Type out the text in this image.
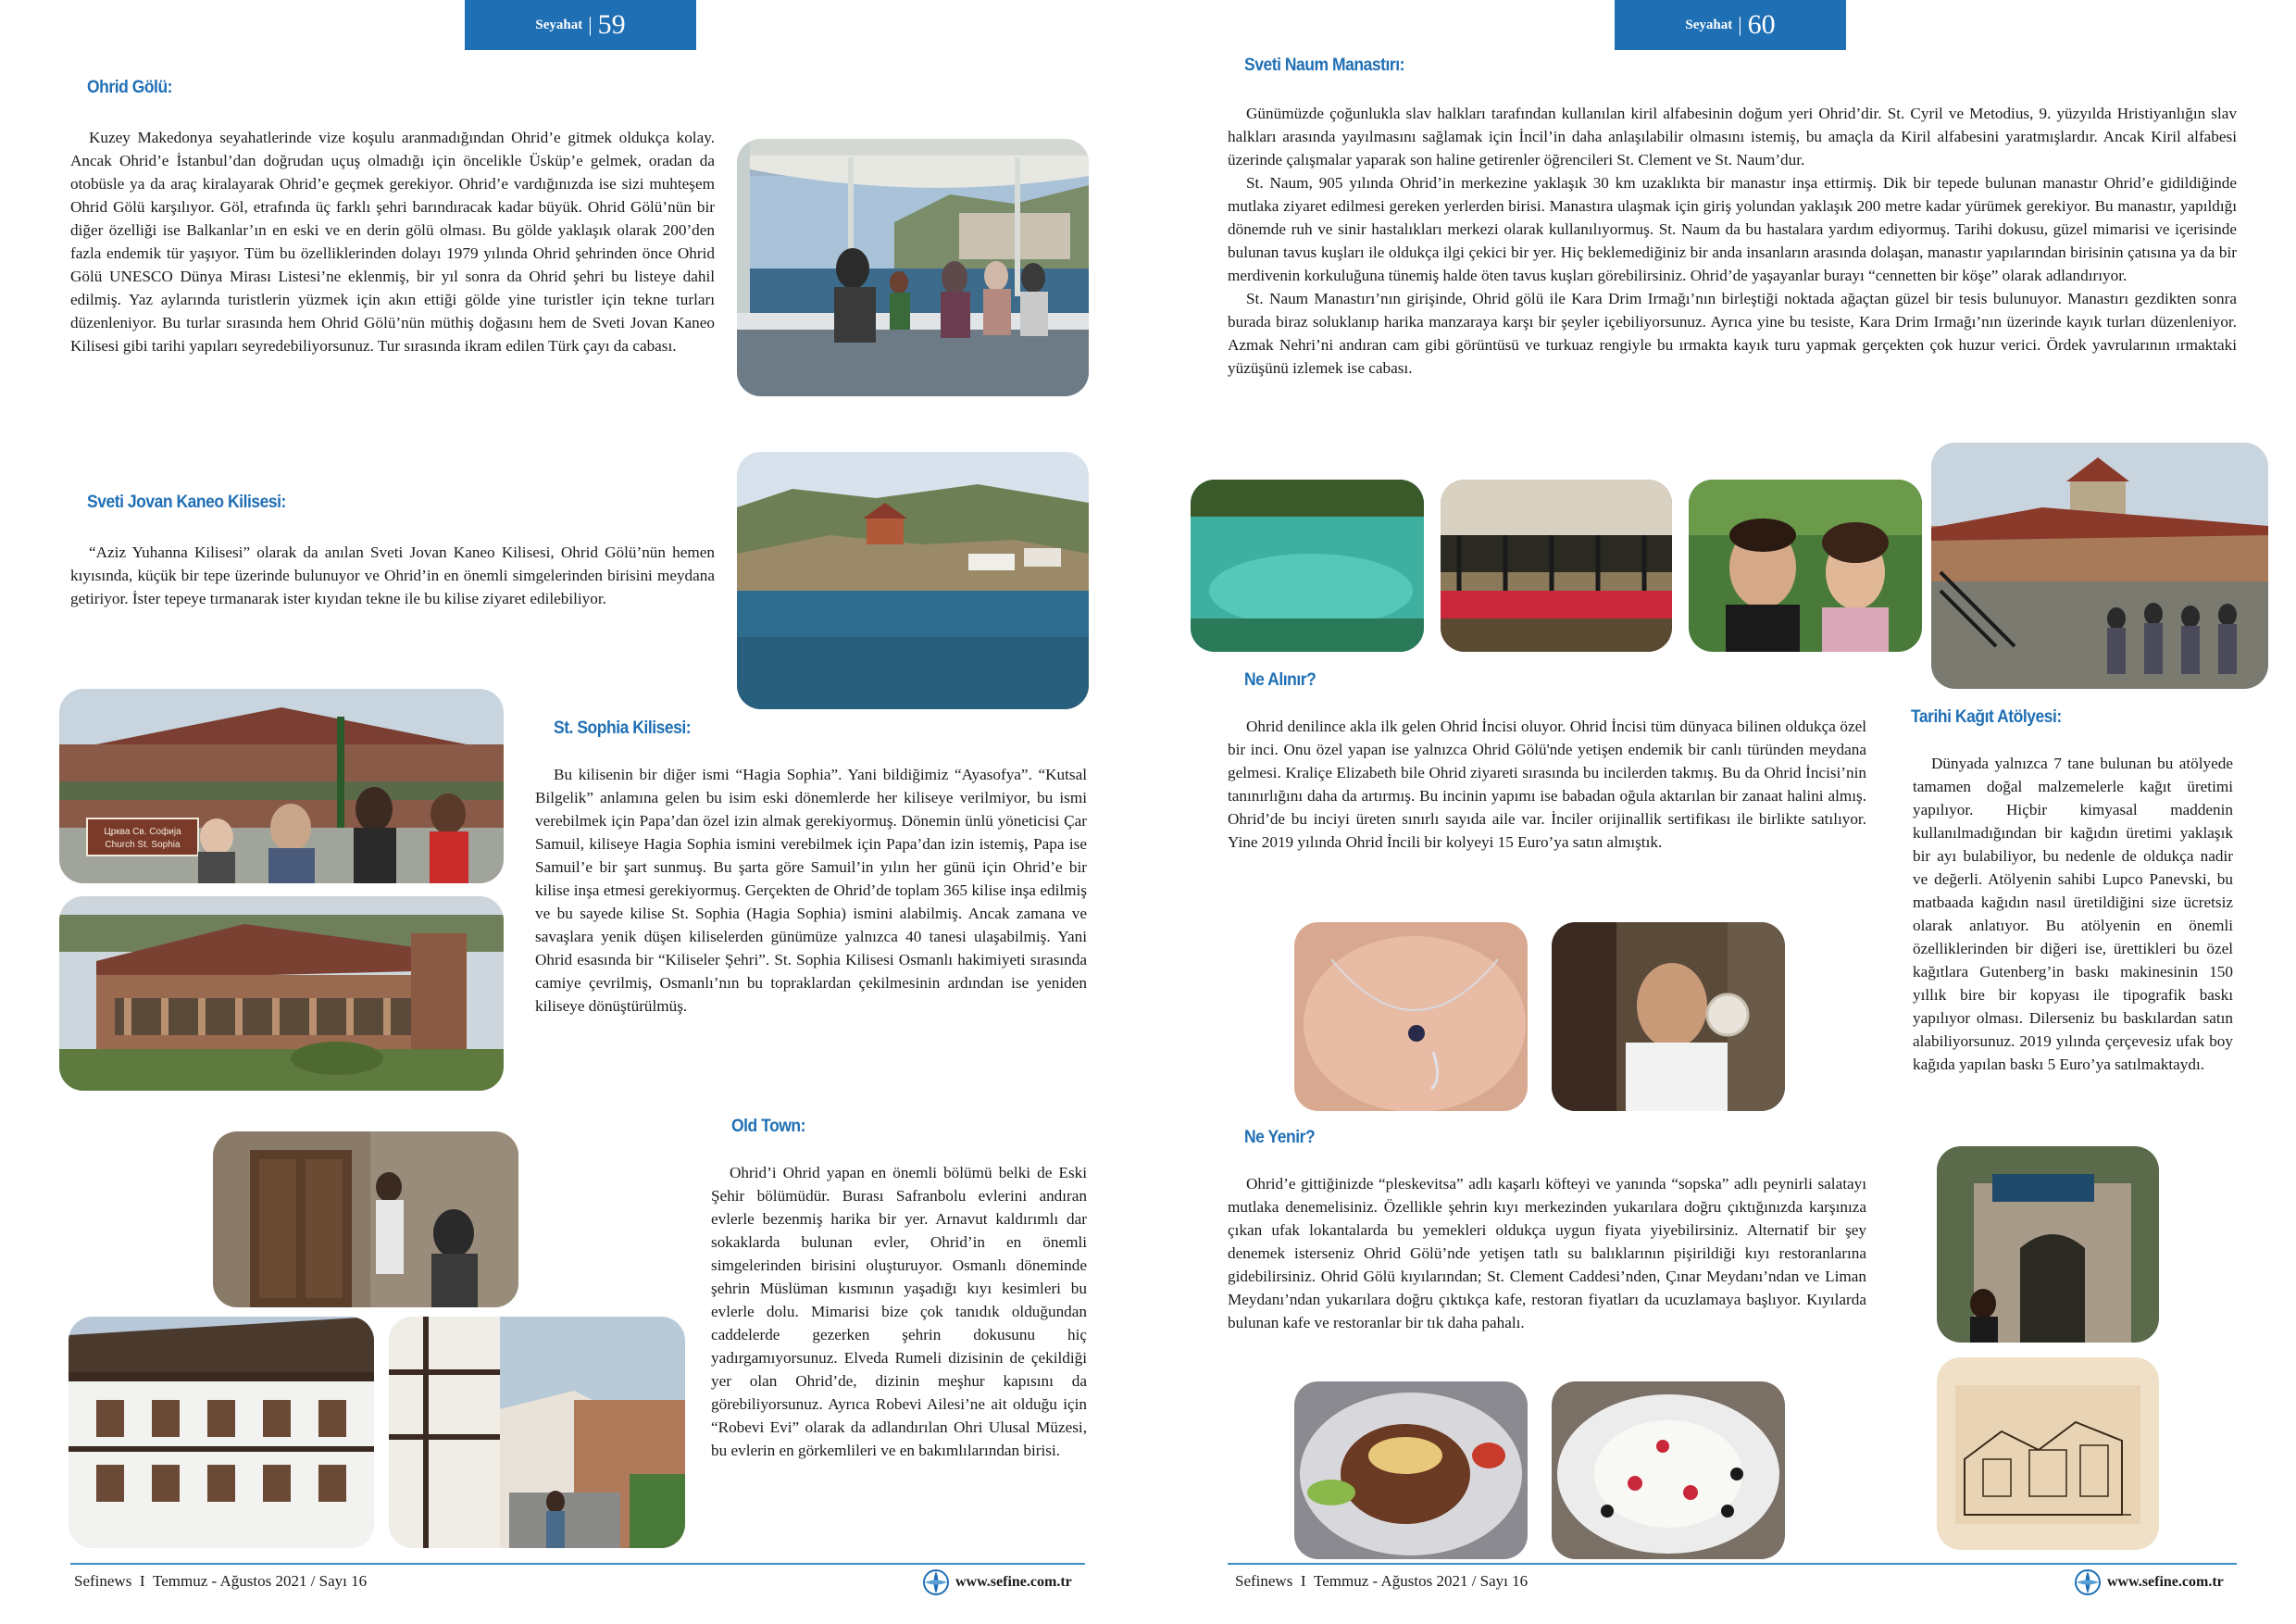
Seyahat | 59
Ohrid Gölü:

Kuzey Makedonya seyahatlerinde vize koşulu aranmadığından Ohrid’e gitmek oldukça kolay. Ancak Ohrid’e İstanbul’dan doğrudan uçuş olmadığı için öncelikle Üsküp’e gelmek, oradan da otobüsle ya da araç kiralayarak Ohrid’e geçmek gerekiyor. Ohrid’e vardığınızda ise sizi muhteşem Ohrid Gölü karşılıyor. Göl, etrafında üç farklı şehri barındıracak kadar büyük. Ohrid Gölü’nün bir diğer özelliği ise Balkanlar’ın en eski ve en derin gölü olması. Bu gölde yaklaşık olarak 200’den fazla endemik tür yaşıyor. Tüm bu özelliklerinden dolayı 1979 yılında Ohrid şehrinden önce Ohrid Gölü UNESCO Dünya Mirası Listesi’ne eklenmiş, bir yıl sonra da Ohrid şehri bu listeye dahil edilmiş. Yaz aylarında turistlerin yüzmek için akın ettiği gölde yine turistler için tekne turları düzenleniyor. Bu turlar sırasında hem Ohrid Gölü’nün müthiş doğasını hem de Sveti Jovan Kaneo Kilisesi gibi tarihi yapıları seyredebiliyorsunuz. Tur sırasında ikram edilen Türk çayı da cabası.

Sveti Jovan Kaneo Kilisesi:

“Aziz Yuhanna Kilisesi” olarak da anılan Sveti Jovan Kaneo Kilisesi, Ohrid Gölü’nün hemen kıyısında, küçük bir tepe üzerinde bulunuyor ve Ohrid’in en önemli simgelerinden birisini meydana getiriyor. İster tepeye tırmanarak ister kıyıdan tekne ile bu kilise ziyaret edilebiliyor.

Црква Св. Софија
Church St. Sophia
St. Sophia Kilisesi:

Bu kilisenin bir diğer ismi “Hagia Sophia”. Yani bildiğimiz “Ayasofya”. “Kutsal Bilgelik” anlamına gelen bu isim eski dönemlerde her kiliseye verilmiyor, bu ismi verebilmek için Papa’dan özel izin almak gerekiyormuş. Dönemin ünlü yöneticisi Çar Samuil, kiliseye Hagia Sophia ismini verebilmek için Papa’dan izin istemiş, Papa ise Samuil’e bir şart sunmuş. Bu şarta göre Samuil’in yılın her günü için Ohrid’e bir kilise inşa etmesi gerekiyormuş. Gerçekten de Ohrid’de toplam 365 kilise inşa edilmiş ve bu sayede kilise St. Sophia (Hagia Sophia) ismini alabilmiş. Ancak zamana ve savaşlara yenik düşen kiliselerden günümüze yalnızca 40 tanesi ulaşabilmiş. Yani Ohrid esasında bir “Kiliseler Şehri”. St. Sophia Kilisesi Osmanlı hakimiyeti sırasında camiye çevrilmiş, Osmanlı’nın bu topraklardan çekilmesinin ardından ise yeniden kiliseye dönüştürülmüş.

Old Town:

Ohrid’i Ohrid yapan en önemli bölümü belki de Eski Şehir bölümüdür. Burası Safranbolu evlerini andıran evlerle bezenmiş harika bir yer. Arnavut kaldırımlı dar sokaklarda bulunan evler, Ohrid’in en önemli simgelerinden birisini oluşturuyor. Osmanlı döneminde şehrin Müslüman kısmının yaşadığı kıyı kesimleri bu evlerle dolu. Mimarisi bize çok tanıdık olduğundan caddelerde gezerken şehrin dokusunu hiç yadırgamıyorsunuz. Elveda Rumeli dizisinin de çekildiği yer olan Ohrid’de, dizinin meşhur kapısını da görebiliyorsunuz. Ayrıca Robevi Ailesi’ne ait olduğu için “Robevi Evi” olarak da adlandırılan Ohri Ulusal Müzesi, bu evlerin en görkemlileri ve en bakımlılarından birisi.

Sefinews I Temmuz - Ağustos 2021 / Sayı 16	www.sefine.com.tr
Seyahat | 60
Sveti Naum Manastırı:

Günümüzde çoğunlukla slav halkları tarafından kullanılan kiril alfabesinin doğum yeri Ohrid’dir. St. Cyril ve Metodius, 9. yüzyılda Hristiyanlığın slav halkları arasında yayılmasını sağlamak için İncil’in daha anlaşılabilir olmasını istemiş, bu amaçla da Kiril alfabesini yaratmışlardır. Ancak Kiril alfabesi üzerinde çalışmalar yaparak son haline getirenler öğrencileri St. Clement ve St. Naum’dur.

St. Naum, 905 yılında Ohrid’in merkezine yaklaşık 30 km uzaklıkta bir manastır inşa ettirmiş. Dik bir tepede bulunan manastır Ohrid’e gidildiğinde mutlaka ziyaret edilmesi gereken yerlerden birisi. Manastıra ulaşmak için giriş yolundan yaklaşık 200 metre kadar yürümek gerekiyor. Bu manastır, yapıldığı dönemde ruh ve sinir hastalıkları merkezi olarak kullanılıyormuş. St. Naum da bu hastalara yardım ediyormuş. Tarihi dokusu, güzel mimarisi ve içerisinde bulunan tavus kuşları ile oldukça ilgi çekici bir yer. Hiç beklemediğiniz bir anda insanların arasında dolaşan, manastır yapılarından birisinin çatısına ya da bir merdivenin korkuluğuna tünemiş halde öten tavus kuşları görebilirsiniz. Ohrid’de yaşayanlar burayı “cennetten bir köşe” olarak adlandırıyor.

St. Naum Manastırı’nın girişinde, Ohrid gölü ile Kara Drim Irmağı’nın birleştiği noktada ağaçtan güzel bir tesis bulunuyor. Manastırı gezdikten sonra burada biraz soluklanıp harika manzaraya karşı bir şeyler içebiliyorsunuz. Ayrıca yine bu tesiste, Kara Drim Irmağı’nın üzerinde kayık turları düzenleniyor. Azmak Nehri’ni andıran cam gibi görüntüsü ve turkuaz rengiyle bu ırmakta kayık turu yapmak gerçekten çok huzur verici. Ördek yavrularının ırmaktaki yüzüşünü izlemek ise cabası.

Ne Alınır?

Ohrid denilince akla ilk gelen Ohrid İncisi oluyor. Ohrid İncisi tüm dünyaca bilinen oldukça özel bir inci. Onu özel yapan ise yalnızca Ohrid Gölü'nde yetişen endemik bir canlı türünden meydana gelmesi. Kraliçe Elizabeth bile Ohrid ziyareti sırasında bu incilerden takmış. Bu da Ohrid İncisi’nin tanınırlığını daha da artırmış. Bu incinin yapımı ise babadan oğula aktarılan bir zanaat halini almış. Ohrid’de bu inciyi üreten sınırlı sayıda aile var. İnciler orijinallik sertifikası ile birlikte satılıyor. Yine 2019 yılında Ohrid İncili bir kolyeyi 15 Euro’ya satın almıştık.

Tarihi Kağıt Atölyesi:

Dünyada yalnızca 7 tane bulunan bu atölyede tamamen doğal malzemelerle kağıt üretimi yapılıyor. Hiçbir kimyasal maddenin kullanılmadığından bir kağıdın üretimi yaklaşık bir ayı bulabiliyor, bu nedenle de oldukça nadir ve değerli. Atölyenin sahibi Lupco Panevski, bu matbaada kağıdın nasıl üretildiğini size ücretsiz olarak anlatıyor. Bu atölyenin en önemli özelliklerinden bir diğeri ise, ürettikleri bu özel kağıtlara Gutenberg’in baskı makinesinin 150 yıllık bire bir kopyası ile tipografik baskı yapılıyor olması. Dilerseniz bu baskılardan satın alabiliyorsunuz. 2019 yılında çerçevesiz ufak boy kağıda yapılan baskı 5 Euro’ya satılmaktaydı.

Ne Yenir?

Ohrid’e gittiğinizde “pleskevitsa” adlı kaşarlı köfteyi ve yanında “sopska” adlı peynirli salatayı mutlaka denemelisiniz. Özellikle şehrin kıyı merkezinden yukarılara doğru çıktığınızda karşınıza çıkan ufak lokantalarda bu yemekleri oldukça uygun fiyata yiyebilirsiniz. Alternatif bir şey denemek isterseniz Ohrid Gölü’nde yetişen tatlı su balıklarının pişirildiği kıyı restoranlarına gidebilirsiniz. Ohrid Gölü kıyılarından; St. Clement Caddesi’nden, Çınar Meydanı’ndan ve Liman Meydanı’ndan yukarılara doğru çıktıkça kafe, restoran fiyatları da ucuzlamaya başlıyor. Kıyılarda bulunan kafe ve restoranlar bir tık daha pahalı.

Sefinews I Temmuz - Ağustos 2021 / Sayı 16	www.sefine.com.tr
